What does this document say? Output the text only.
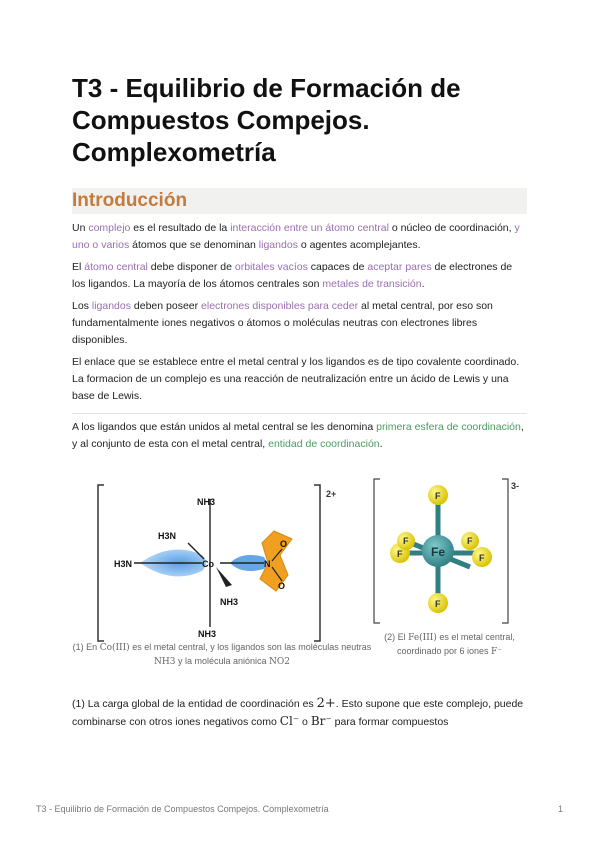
T3 - Equilibrio de Formación de
Compuestos Compejos.
Complexometría
Introducción

Un complejo es el resultado de la interacción entre un átomo central o núcleo de coordinación, y uno o varios átomos que se denominan ligandos o agentes acomplejantes.

El átomo central debe disponer de orbitales vacíos capaces de aceptar pares de electrones de los ligandos. La mayoría de los átomos centrales son metales de transición.

Los ligandos deben poseer electrones disponibles para ceder al metal central, por eso son fundamentalmente iones negativos o átomos o moléculas neutras con electrones libres disponibles.

El enlace que se establece entre el metal central y los ligandos es de tipo covalente coordinado. La formacion de un complejo es una reacción de neutralización entre un ácido de Lewis y una base de Lewis.

A los ligandos que están unidos al metal central se les denomina primera esfera de coordinación, y al conjunto de esta con el metal central, entidad de coordinación.

2+
NH3
H3N
H3N	Co	N
O
O
NH3
NH3
3-
Fe
F
F
F	F
F	F
(1) En Co(III) es el metal central, y los ligandos son las moléculas neutras NH3 y la molécula aniónica NO2
(2) El Fe(III) es el metal central, coordinado por 6 iones F⁻

(1) La carga global de la entidad de coordinación es 2+. Esto supone que este complejo, puede combinarse con otros iones negativos como Cl⁻ o Br⁻ para formar compuestos

T3 - Equilibrio de Formación de Compuestos Compejos. Complexometría	1
